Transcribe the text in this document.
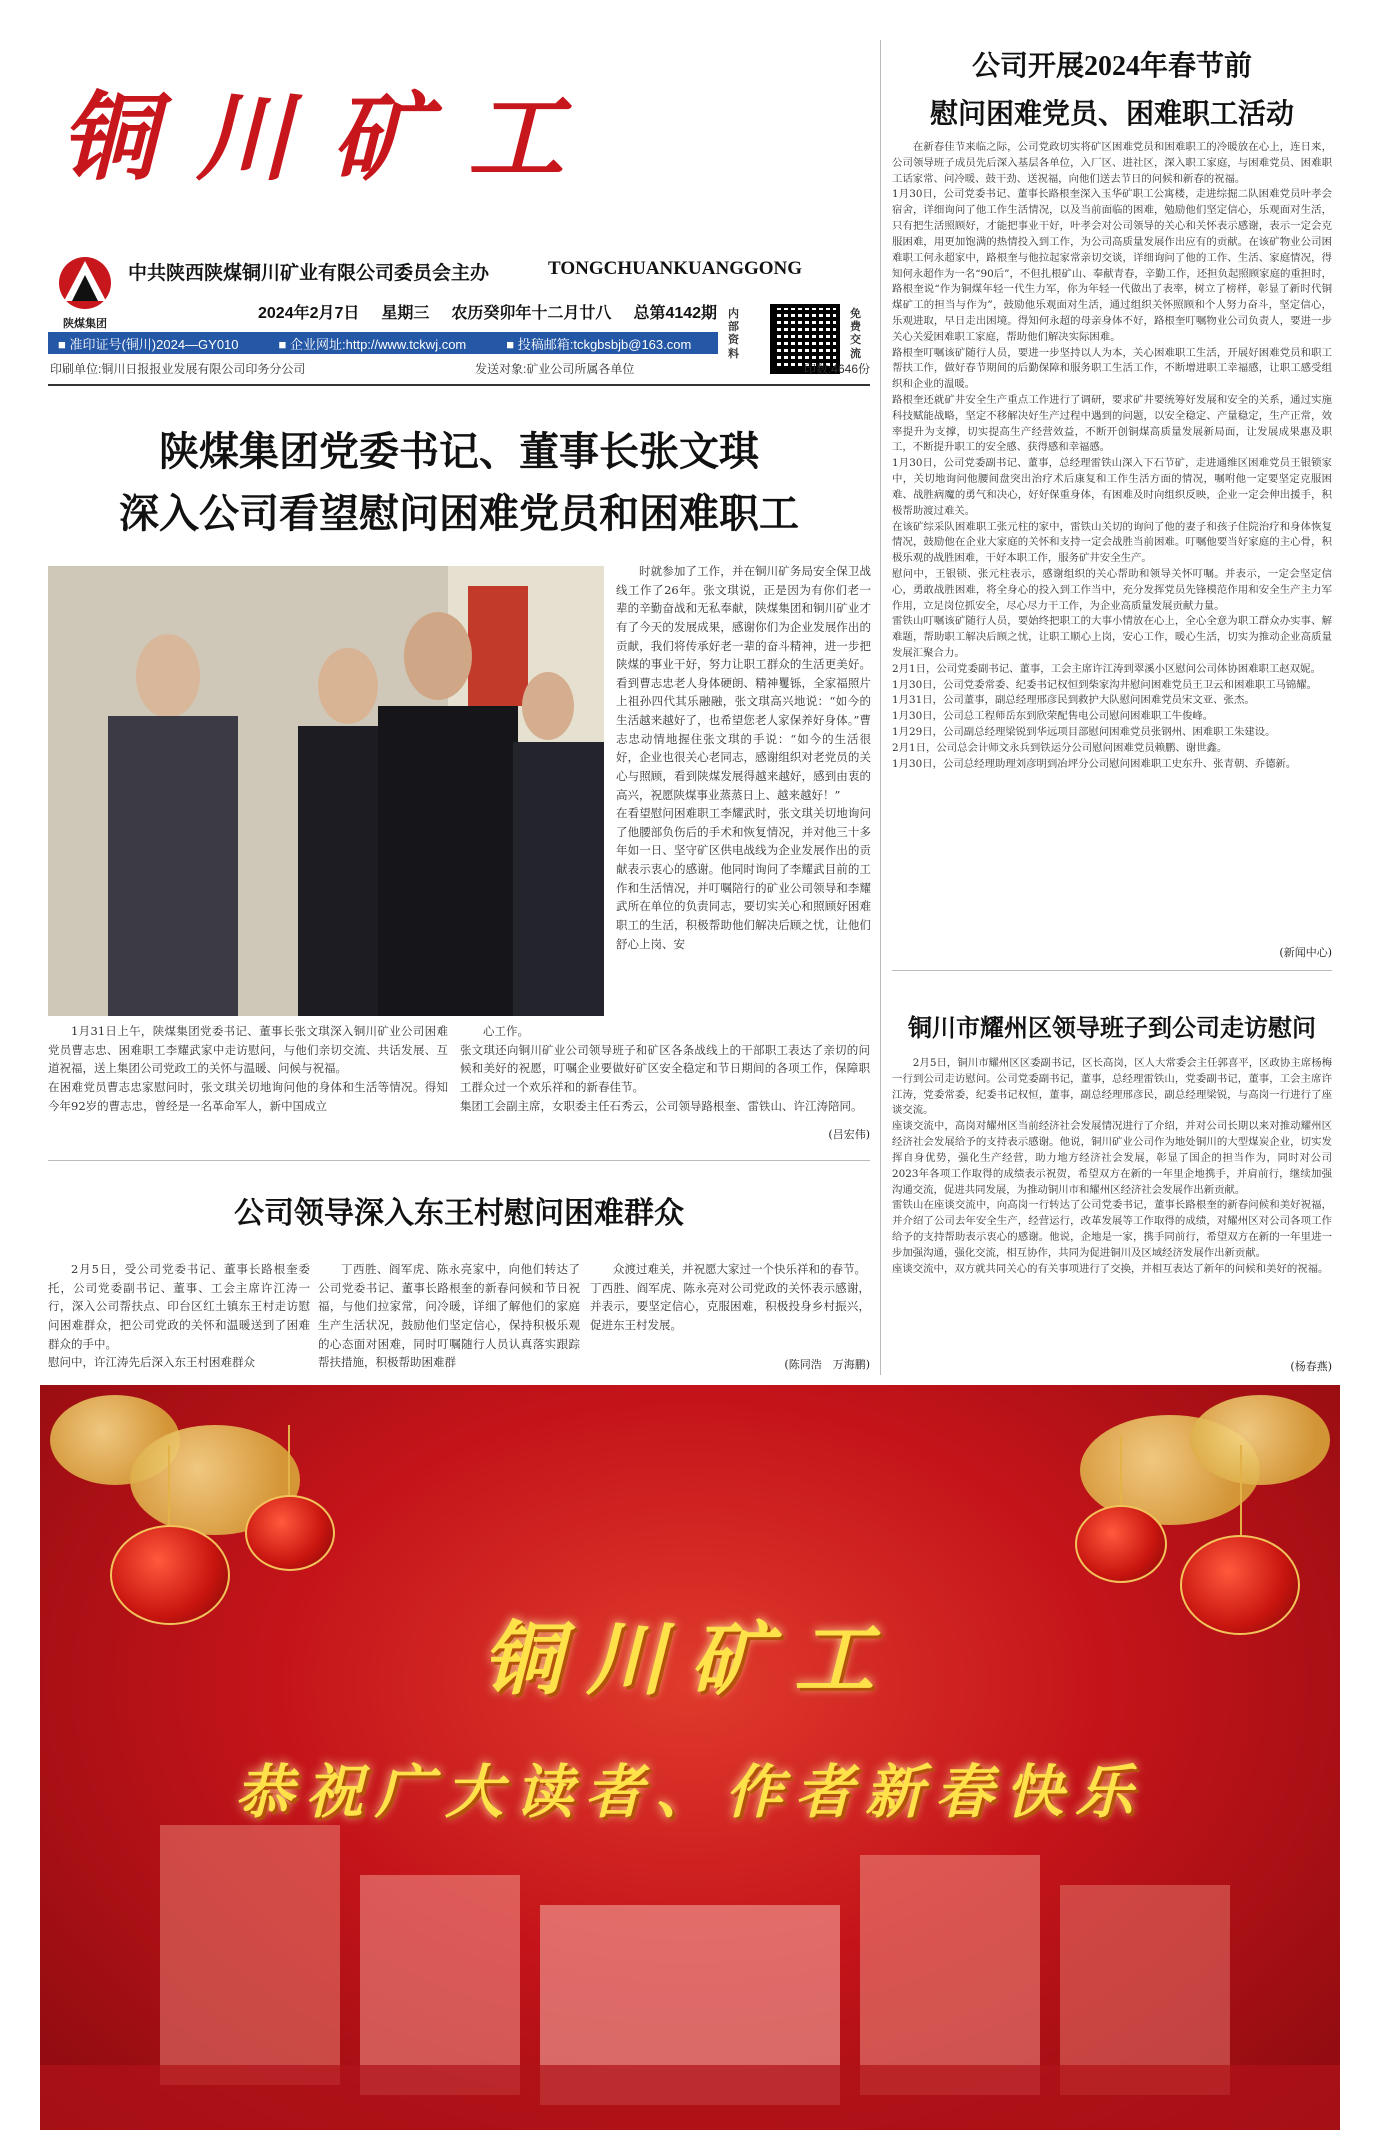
铜川矿工
陕煤集团
中共陕西陕煤铜川矿业有限公司委员会主办	TONGCHUANKUANGGONG
2024年2月7日 星期三 农历癸卯年十二月廿八 总第4142期
■ 准印证号(铜川)2024—GY010	■ 企业网址:http://www.tckwj.com	■ 投稿邮箱:tckgbsbjb@163.com
内部资料
免费交流
印刷单位:铜川日报报业发展有限公司印务分公司	发送对象:矿业公司所属各单位	印数:4646份
陕煤集团党委书记、董事长张文琪
深入公司看望慰问困难党员和困难职工

时就参加了工作，并在铜川矿务局安全保卫战线工作了26年。张文琪说，正是因为有你们老一辈的辛勤奋战和无私奉献，陕煤集团和铜川矿业才有了今天的发展成果，感谢你们为企业发展作出的贡献，我们将传承好老一辈的奋斗精神，进一步把陕煤的事业干好，努力让职工群众的生活更美好。看到曹志忠老人身体硬朗、精神矍铄，全家福照片上祖孙四代其乐融融，张文琪高兴地说：“如今的生活越来越好了，也希望您老人家保养好身体。”曹志忠动情地握住张文琪的手说：“如今的生活很好，企业也很关心老同志，感谢组织对老党员的关心与照顾，看到陕煤发展得越来越好，感到由衷的高兴，祝愿陕煤事业蒸蒸日上、越来越好！”
在看望慰问困难职工李耀武时，张文琪关切地询问了他腰部负伤后的手术和恢复情况，并对他三十多年如一日、坚守矿区供电战线为企业发展作出的贡献表示衷心的感谢。他同时询问了李耀武目前的工作和生活情况，并叮嘱陪行的矿业公司领导和李耀武所在单位的负责同志，要切实关心和照顾好困难职工的生活，积极帮助他们解决后顾之忧，让他们舒心上岗、安

1月31日上午，陕煤集团党委书记、董事长张文琪深入铜川矿业公司困难党员曹志忠、困难职工李耀武家中走访慰问，与他们亲切交流、共话发展、互道祝福，送上集团公司党政工的关怀与温暖、问候与祝福。
在困难党员曹志忠家慰问时，张文琪关切地询问他的身体和生活等情况。得知今年92岁的曹志忠，曾经是一名革命军人，新中国成立

心工作。
张文琪还向铜川矿业公司领导班子和矿区各条战线上的干部职工表达了亲切的问候和美好的祝愿，叮嘱企业要做好矿区安全稳定和节日期间的各项工作，保障职工群众过一个欢乐祥和的新春佳节。
集团工会副主席，女职委主任石秀云，公司领导路根奎、雷铁山、许江涛陪同。

(吕宏伟)
公司领导深入东王村慰问困难群众

2月5日，受公司党委书记、董事长路根奎委托，公司党委副书记、董事、工会主席许江涛一行，深入公司帮扶点、印台区红土镇东王村走访慰问困难群众，把公司党政的关怀和温暖送到了困难群众的手中。
慰问中，许江涛先后深入东王村困难群众

丁西胜、阎军虎、陈永亮家中，向他们转达了公司党委书记、董事长路根奎的新春问候和节日祝福，与他们拉家常，问冷暖，详细了解他们的家庭生产生活状况，鼓励他们坚定信心，保持积极乐观的心态面对困难，同时叮嘱随行人员认真落实跟踪帮扶措施，积极帮助困难群

众渡过难关，并祝愿大家过一个快乐祥和的春节。
丁西胜、阎军虎、陈永亮对公司党政的关怀表示感谢，并表示，要坚定信心，克服困难，积极投身乡村振兴，促进东王村发展。

(陈同浩　万海鹏)
公司开展2024年春节前
慰问困难党员、困难职工活动

在新春佳节来临之际，公司党政切实将矿区困难党员和困难职工的冷暖放在心上，连日来，公司领导班子成员先后深入基层各单位，入厂区、进社区，深入职工家庭，与困难党员、困难职工话家常、问冷暖、鼓干劲、送祝福，向他们送去节日的问候和新春的祝福。
1月30日，公司党委书记、董事长路根奎深入玉华矿职工公寓楼，走进综掘二队困难党员叶孝会宿舍，详细询问了他工作生活情况，以及当前面临的困难，勉励他们坚定信心，乐观面对生活，只有把生活照顾好，才能把事业干好，叶孝会对公司领导的关心和关怀表示感谢，表示一定会克服困难，用更加饱满的热情投入到工作，为公司高质量发展作出应有的贡献。在该矿物业公司困难职工何永超家中，路根奎与他拉起家常亲切交谈，详细询问了他的工作、生活、家庭情况，得知何永超作为一名“90后”，不但扎根矿山、奉献青春，辛勤工作，还担负起照顾家庭的重担时，路根奎说“作为铜煤年轻一代生力军，你为年轻一代做出了表率，树立了榜样，彰显了新时代铜煤矿工的担当与作为”，鼓励他乐观面对生活，通过组织关怀照顾和个人努力奋斗，坚定信心，乐观进取，早日走出困境。得知何永超的母亲身体不好，路根奎叮嘱物业公司负责人，要进一步关心关爱困难职工家庭，帮助他们解决实际困难。
路根奎叮嘱该矿随行人员，要进一步坚持以人为本，关心困难职工生活，开展好困难党员和职工帮扶工作，做好春节期间的后勤保障和服务职工生活工作，不断增进职工幸福感，让职工感受组织和企业的温暖。
路根奎还就矿井安全生产重点工作进行了调研，要求矿井要统筹好发展和安全的关系，通过实施科技赋能战略，坚定不移解决好生产过程中遇到的问题，以安全稳定、产量稳定，生产正常，效率提升为支撑，切实提高生产经营效益，不断开创铜煤高质量发展新局面，让发展成果惠及职工，不断提升职工的安全感、获得感和幸福感。
1月30日，公司党委副书记、董事，总经理雷铁山深入下石节矿，走进通维区困难党员王银锁家中，关切地询问他腰间盘突出治疗术后康复和工作生活方面的情况，嘱咐他一定要坚定克服困难、战胜病魔的勇气和决心，好好保重身体，有困难及时向组织反映，企业一定会伸出援手，积极帮助渡过难关。
在该矿综采队困难职工张元柱的家中，雷铁山关切的询问了他的妻子和孩子住院治疗和身体恢复情况，鼓励他在企业大家庭的关怀和支持一定会战胜当前困难。叮嘱他要当好家庭的主心骨，积极乐观的战胜困难，干好本职工作，服务矿井安全生产。
慰问中，王银锁、张元柱表示，感谢组织的关心帮助和领导关怀叮嘱。并表示，一定会坚定信心，勇敢战胜困难，将全身心的投入到工作当中，充分发挥党员先锋模范作用和安全生产主力军作用，立足岗位抓安全，尽心尽力干工作，为企业高质量发展贡献力量。
雷铁山叮嘱该矿随行人员，要始终把职工的大事小情放在心上，全心全意为职工群众办实事、解难题，帮助职工解决后顾之忧，让职工顺心上岗，安心工作，暖心生活，切实为推动企业高质量发展汇聚合力。
2月1日，公司党委副书记、董事，工会主席许江涛到翠溪小区慰问公司体协困难职工赵双妮。
1月30日，公司党委常委、纪委书记权恒到柴家沟井慰问困难党员王卫云和困难职工马锦耀。
1月31日，公司董事，副总经理邢彦民到救护大队慰问困难党员宋文亚、张杰。
1月30日，公司总工程师岳东到欣荣配售电公司慰问困难职工牛俊峰。
1月29日，公司副总经理梁锐到华远项目部慰问困难党员张钢州、困难职工朱建设。
2月1日，公司总会计师文永兵到铁运分公司慰问困难党员赖鹏、谢世鑫。
1月30日，公司总经理助理刘彦明到冶坪分公司慰问困难职工史东升、张青朝、乔德新。

(新闻中心)
铜川市耀州区领导班子到公司走访慰问

2月5日，铜川市耀州区区委副书记，区长高岗，区人大常委会主任郭喜平，区政协主席杨梅一行到公司走访慰问。公司党委副书记，董事，总经理雷铁山，党委副书记，董事，工会主席许江涛，党委常委，纪委书记权恒，董事，副总经理邢彦民，副总经理梁锐，与高岗一行进行了座谈交流。
座谈交流中，高岗对耀州区当前经济社会发展情况进行了介绍，并对公司长期以来对推动耀州区经济社会发展给予的支持表示感谢。他说，铜川矿业公司作为地处铜川的大型煤炭企业，切实发挥自身优势，强化生产经营，助力地方经济社会发展，彰显了国企的担当作为，同时对公司2023年各项工作取得的成绩表示祝贺，希望双方在新的一年里企地携手，并肩前行，继续加强沟通交流，促进共同发展，为推动铜川市和耀州区经济社会发展作出新贡献。
雷铁山在座谈交流中，向高岗一行转达了公司党委书记，董事长路根奎的新春问候和美好祝福，并介绍了公司去年安全生产，经营运行，改革发展等工作取得的成绩，对耀州区对公司各项工作给予的支持帮助表示衷心的感谢。他说，企地是一家，携手同前行，希望双方在新的一年里进一步加强沟通，强化交流，相互协作，共同为促进铜川及区域经济发展作出新贡献。
座谈交流中，双方就共同关心的有关事项进行了交换，并相互表达了新年的问候和美好的祝福。

(杨春燕)
铜川矿工
恭祝广大读者、作者新春快乐
